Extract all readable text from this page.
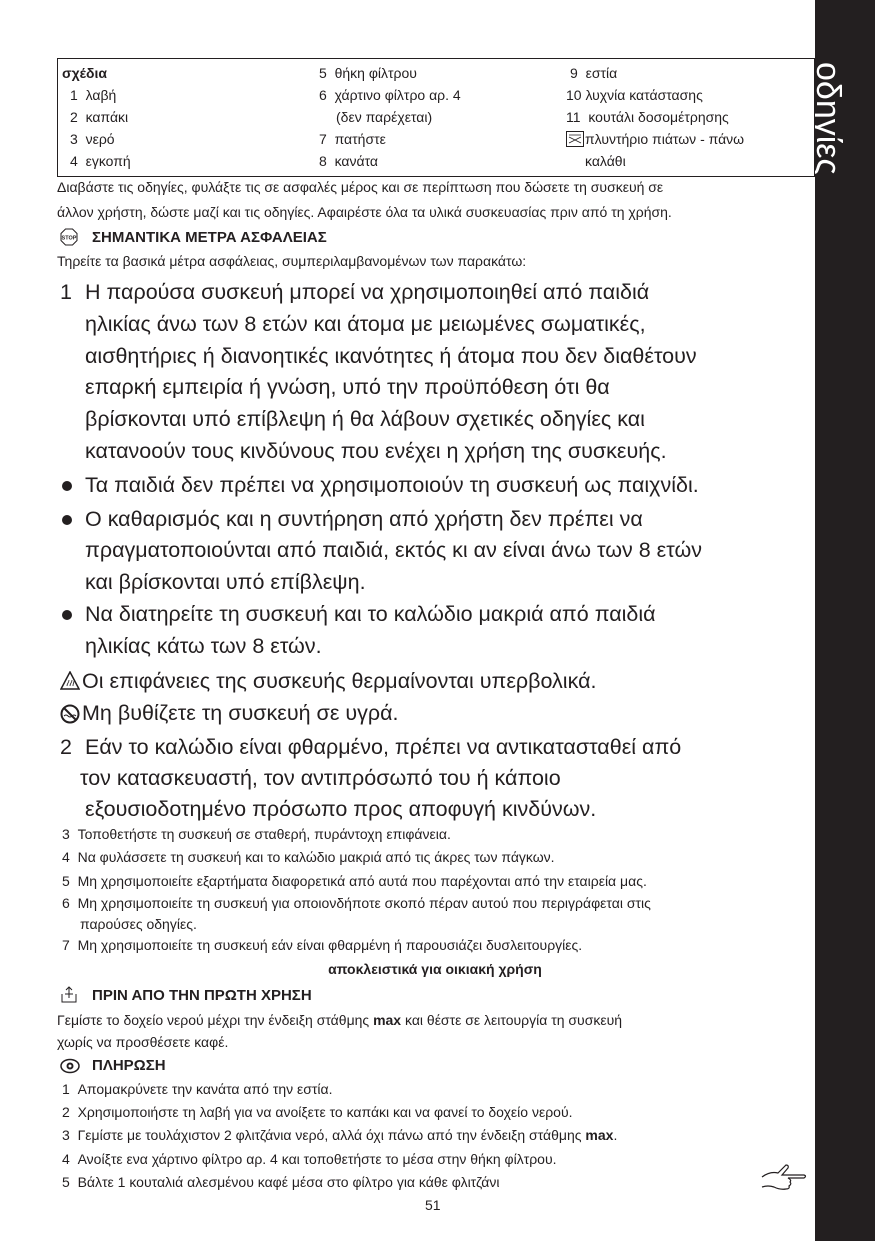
οδηγίες
σχέδια
1 λαβή
2 καπάκι
3 νερό
4 εγκοπή
5 θήκη φίλτρου
6 χάρτινο φίλτρο αρ. 4
(δεν παρέχεται)
7 πατήστε
8 κανάτα
9 εστία
10 λυχνία κατάστασης
11 κουτάλι δοσομέτρησης
πλυντήριο πιάτων - πάνω
καλάθι
Διαβάστε τις οδηγίες, φυλάξτε τις σε ασφαλές μέρος και σε περίπτωση που δώσετε τη συσκευή σε
άλλον χρήστη, δώστε μαζί και τις οδηγίες. Αφαιρέστε όλα τα υλικά συσκευασίας πριν από τη χρήση.
STOP ΣΗΜΑΝΤΙΚΑ ΜΕΤΡΑ ΑΣΦΑΛΕΙΑΣ
Τηρείτε τα βασικά μέτρα ασφάλειας, συμπεριλαμβανομένων των παρακάτω:
1 Η παρούσα συσκευή μπορεί να χρησιμοποιηθεί από παιδιά
ηλικίας άνω των 8 ετών και άτομα με μειωμένες σωματικές,
αισθητήριες ή διανοητικές ικανότητες ή άτομα που δεν διαθέτουν
επαρκή εμπειρία ή γνώση, υπό την προϋπόθεση ότι θα
βρίσκονται υπό επίβλεψη ή θα λάβουν σχετικές οδηγίες και
κατανοούν τους κινδύνους που ενέχει η χρήση της συσκευής.
Τα παιδιά δεν πρέπει να χρησιμοποιούν τη συσκευή ως παιχνίδι.
Ο καθαρισμός και η συντήρηση από χρήστη δεν πρέπει να
πραγματοποιούνται από παιδιά, εκτός κι αν είναι άνω των 8 ετών
και βρίσκονται υπό επίβλεψη.
Να διατηρείτε τη συσκευή και το καλώδιο μακριά από παιδιά
ηλικίας κάτω των 8 ετών.
Οι επιφάνειες της συσκευής θερμαίνονται υπερβολικά.
Μη βυθίζετε τη συσκευή σε υγρά.
2 Εάν το καλώδιο είναι φθαρμένο, πρέπει να αντικατασταθεί από
τον κατασκευαστή, τον αντιπρόσωπό του ή κάποιο
εξουσιοδοτημένο πρόσωπο προς αποφυγή κινδύνων.
3 Τοποθετήστε τη συσκευή σε σταθερή, πυράντοχη επιφάνεια.
4 Να φυλάσσετε τη συσκευή και το καλώδιο μακριά από τις άκρες των πάγκων.
5 Μη χρησιμοποιείτε εξαρτήματα διαφορετικά από αυτά που παρέχονται από την εταιρεία μας.
6 Μη χρησιμοποιείτε τη συσκευή για οποιονδήποτε σκοπό πέραν αυτού που περιγράφεται στις
παρούσες οδηγίες.
7 Μη χρησιμοποιείτε τη συσκευή εάν είναι φθαρμένη ή παρουσιάζει δυσλειτουργίες.
αποκλειστικά για οικιακή χρήση
ΠΡΙΝ ΑΠΟ ΤΗΝ ΠΡΩΤΗ ΧΡΗΣΗ
Γεμίστε το δοχείο νερού μέχρι την ένδειξη στάθμης max και θέστε σε λειτουργία τη συσκευή
χωρίς να προσθέσετε καφέ.
ΠΛΗΡΩΣΗ
1 Απομακρύνετε την κανάτα από την εστία.
2 Χρησιμοποιήστε τη λαβή για να ανοίξετε το καπάκι και να φανεί το δοχείο νερού.
3 Γεμίστε με τουλάχιστον 2 φλιτζάνια νερό, αλλά όχι πάνω από την ένδειξη στάθμης max.
4 Ανοίξτε ενα χάρτινο φίλτρο αρ. 4 και τοποθετήστε το μέσα στην θήκη φίλτρου.
5 Βάλτε 1 κουταλιά αλεσμένου καφέ μέσα στο φίλτρο για κάθε φλιτζάνι
51
